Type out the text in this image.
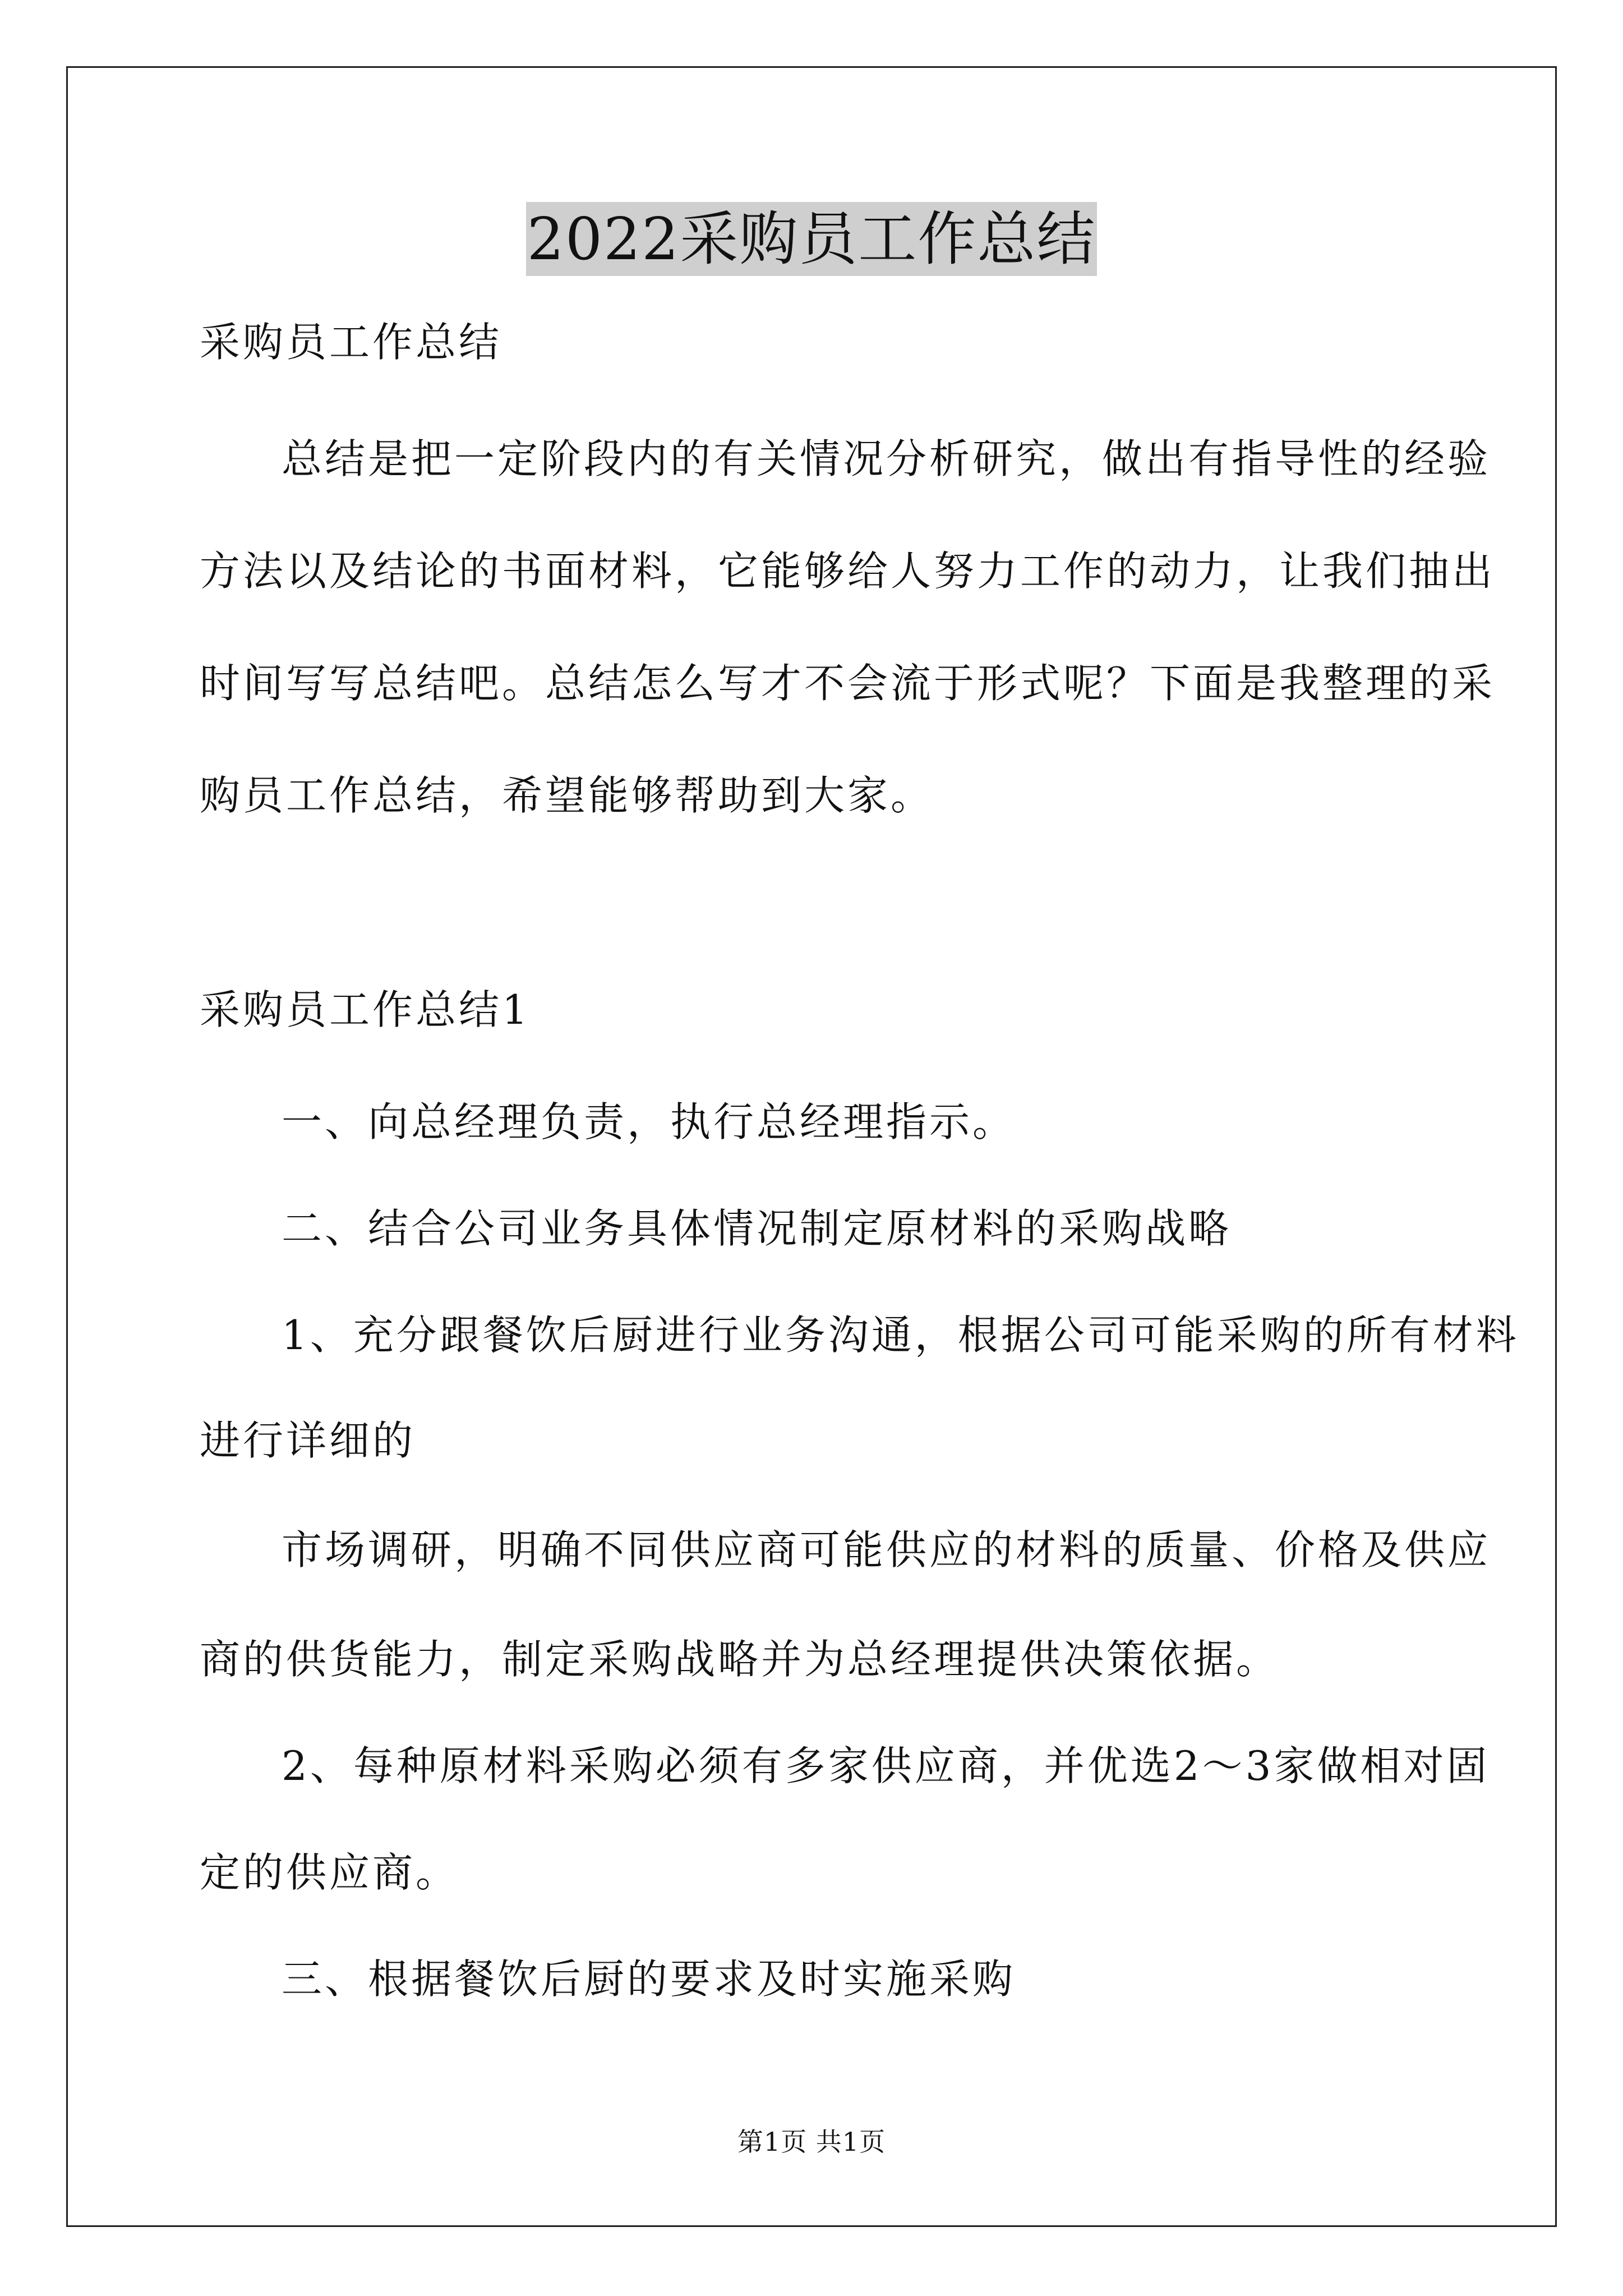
2022采购员工作总结
采购员工作总结
总结是把一定阶段内的有关情况分析研究，做出有指导性的经验
方法以及结论的书面材料，它能够给人努力工作的动力，让我们抽出
时间写写总结吧。总结怎么写才不会流于形式呢？下面是我整理的采
购员工作总结，希望能够帮助到大家。
采购员工作总结1
一、向总经理负责，执行总经理指示。
二、结合公司业务具体情况制定原材料的采购战略
1、充分跟餐饮后厨进行业务沟通，根据公司可能采购的所有材料
进行详细的
市场调研，明确不同供应商可能供应的材料的质量、价格及供应
商的供货能力，制定采购战略并为总经理提供决策依据。
2、每种原材料采购必须有多家供应商，并优选2～3家做相对固
定的供应商。
三、根据餐饮后厨的要求及时实施采购
第1页 共1页
